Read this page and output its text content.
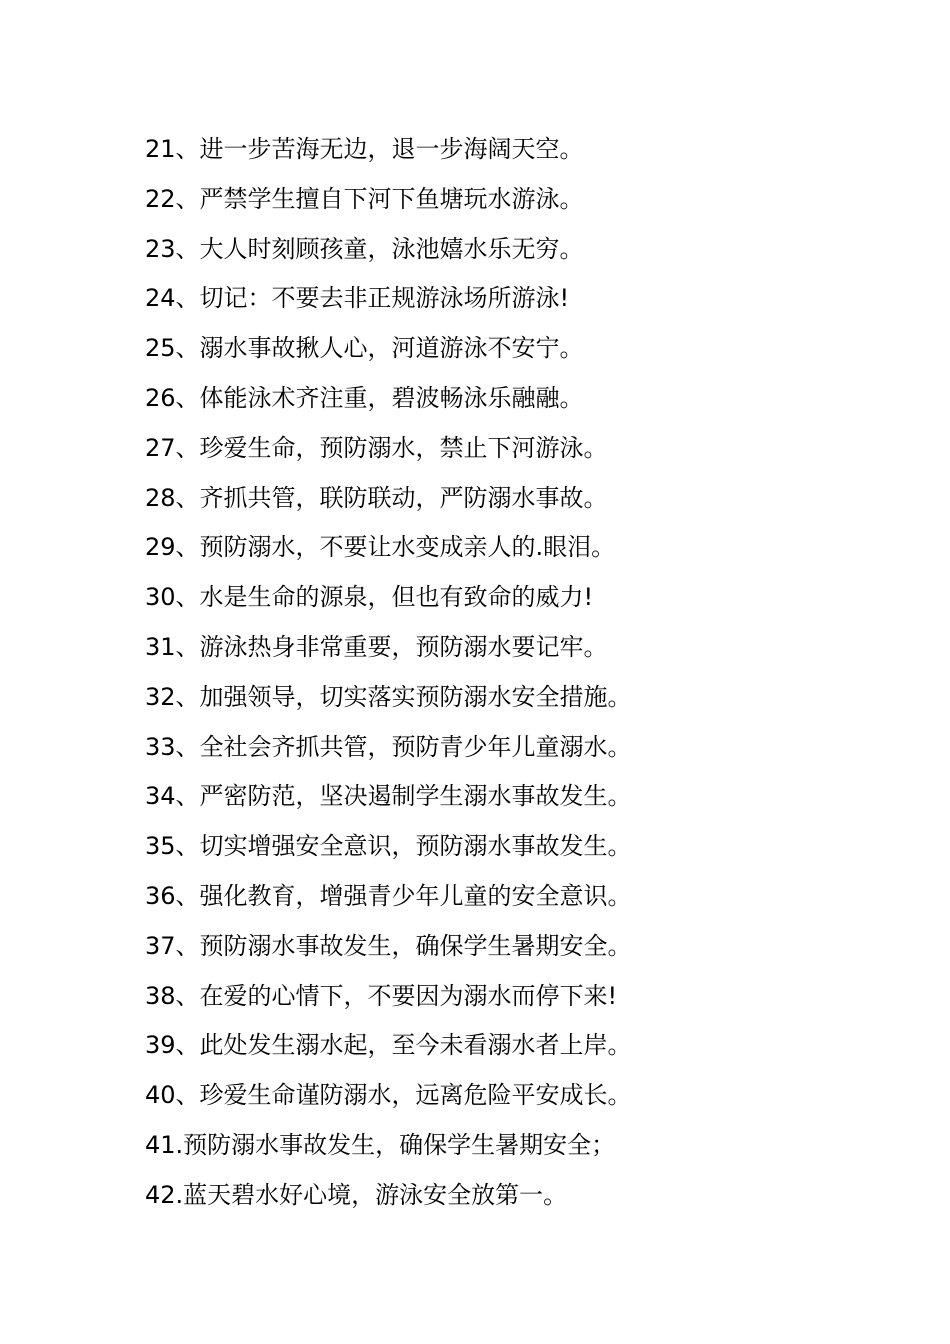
21、进一步苦海无边，退一步海阔天空。
22、严禁学生擅自下河下鱼塘玩水游泳。
23、大人时刻顾孩童，泳池嬉水乐无穷。
24、切记：不要去非正规游泳场所游泳!
25、溺水事故揪人心，河道游泳不安宁。
26、体能泳术齐注重，碧波畅泳乐融融。
27、珍爱生命，预防溺水，禁止下河游泳。
28、齐抓共管，联防联动，严防溺水事故。
29、预防溺水，不要让水变成亲人的.眼泪。
30、水是生命的源泉，但也有致命的威力!
31、游泳热身非常重要，预防溺水要记牢。
32、加强领导，切实落实预防溺水安全措施。
33、全社会齐抓共管，预防青少年儿童溺水。
34、严密防范，坚决遏制学生溺水事故发生。
35、切实增强安全意识，预防溺水事故发生。
36、强化教育，增强青少年儿童的安全意识。
37、预防溺水事故发生，确保学生暑期安全。
38、在爱的心情下，不要因为溺水而停下来!
39、此处发生溺水起，至今未看溺水者上岸。
40、珍爱生命谨防溺水，远离危险平安成长。
41.预防溺水事故发生，确保学生暑期安全；
42.蓝天碧水好心境，游泳安全放第一。
